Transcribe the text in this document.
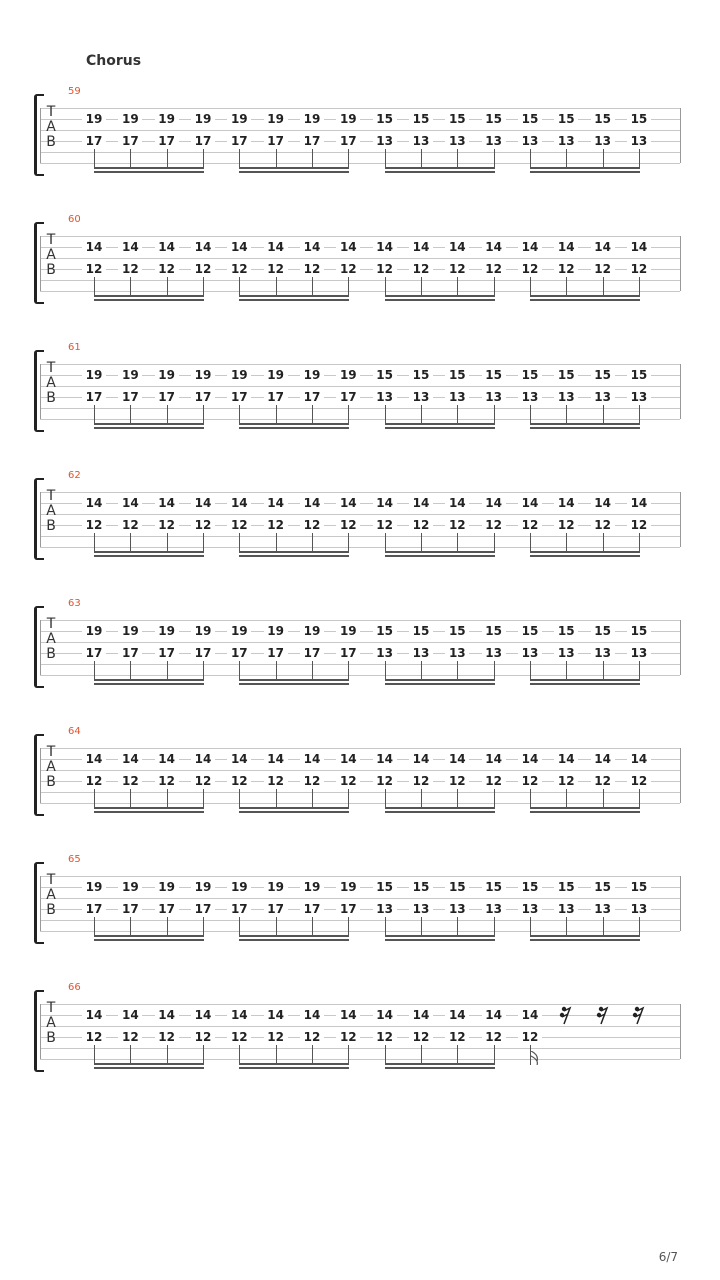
Chorus
59
T
A
B
19
17
19
17
19
17
19
17
19
17
19
17
19
17
19
17
15
13
15
13
15
13
15
13
15
13
15
13
15
13
15
13
60
T
A
B
14
12
14
12
14
12
14
12
14
12
14
12
14
12
14
12
14
12
14
12
14
12
14
12
14
12
14
12
14
12
14
12
61
T
A
B
19
17
19
17
19
17
19
17
19
17
19
17
19
17
19
17
15
13
15
13
15
13
15
13
15
13
15
13
15
13
15
13
62
T
A
B
14
12
14
12
14
12
14
12
14
12
14
12
14
12
14
12
14
12
14
12
14
12
14
12
14
12
14
12
14
12
14
12
63
T
A
B
19
17
19
17
19
17
19
17
19
17
19
17
19
17
19
17
15
13
15
13
15
13
15
13
15
13
15
13
15
13
15
13
64
T
A
B
14
12
14
12
14
12
14
12
14
12
14
12
14
12
14
12
14
12
14
12
14
12
14
12
14
12
14
12
14
12
14
12
65
T
A
B
19
17
19
17
19
17
19
17
19
17
19
17
19
17
19
17
15
13
15
13
15
13
15
13
15
13
15
13
15
13
15
13
66
T
A
B
14
12
14
12
14
12
14
12
14
12
14
12
14
12
14
12
14
12
14
12
14
12
14
12
14
12
6/7
